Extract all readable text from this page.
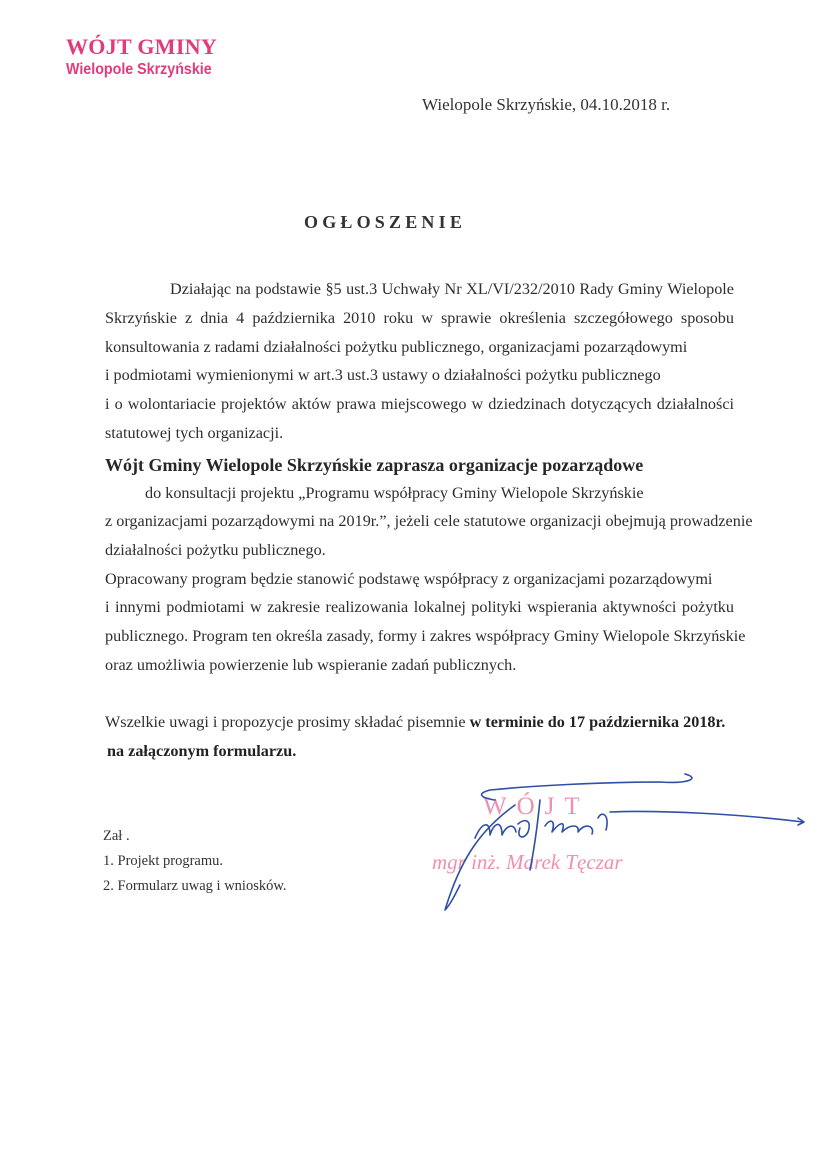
WÓJT GMINY
Wielopole Skrzyńskie
Wielopole Skrzyńskie, 04.10.2018 r.
OGŁOSZENIE
Działając na podstawie §5 ust.3 Uchwały Nr XL/VI/232/2010 Rady Gminy Wielopole
Skrzyńskie z dnia 4 października 2010 roku w sprawie określenia szczegółowego sposobu
konsultowania z radami działalności pożytku publicznego, organizacjami pozarządowymi
i podmiotami wymienionymi w art.3 ust.3 ustawy o działalności pożytku publicznego
i o wolontariacie projektów aktów prawa miejscowego w dziedzinach dotyczących działalności
statutowej tych organizacji.
Wójt Gminy Wielopole Skrzyńskie zaprasza organizacje pozarządowe
do konsultacji projektu „Programu współpracy Gminy Wielopole Skrzyńskie
z organizacjami pozarządowymi na 2019r.”, jeżeli cele statutowe organizacji obejmują prowadzenie
działalności pożytku publicznego.
Opracowany program będzie stanowić podstawę współpracy z organizacjami pozarządowymi
i innymi podmiotami w zakresie realizowania lokalnej polityki wspierania aktywności pożytku
publicznego. Program ten określa zasady, formy i zakres współpracy Gminy Wielopole Skrzyńskie
oraz umożliwia powierzenie lub wspieranie zadań publicznych.
Wszelkie uwagi i propozycje prosimy składać pisemnie w terminie do 17 października 2018r.
na załączonym formularzu.
Zał .
1. Projekt programu.
2. Formularz uwag i wniosków.
WÓJT
mgr inż. Marek Tęczar
